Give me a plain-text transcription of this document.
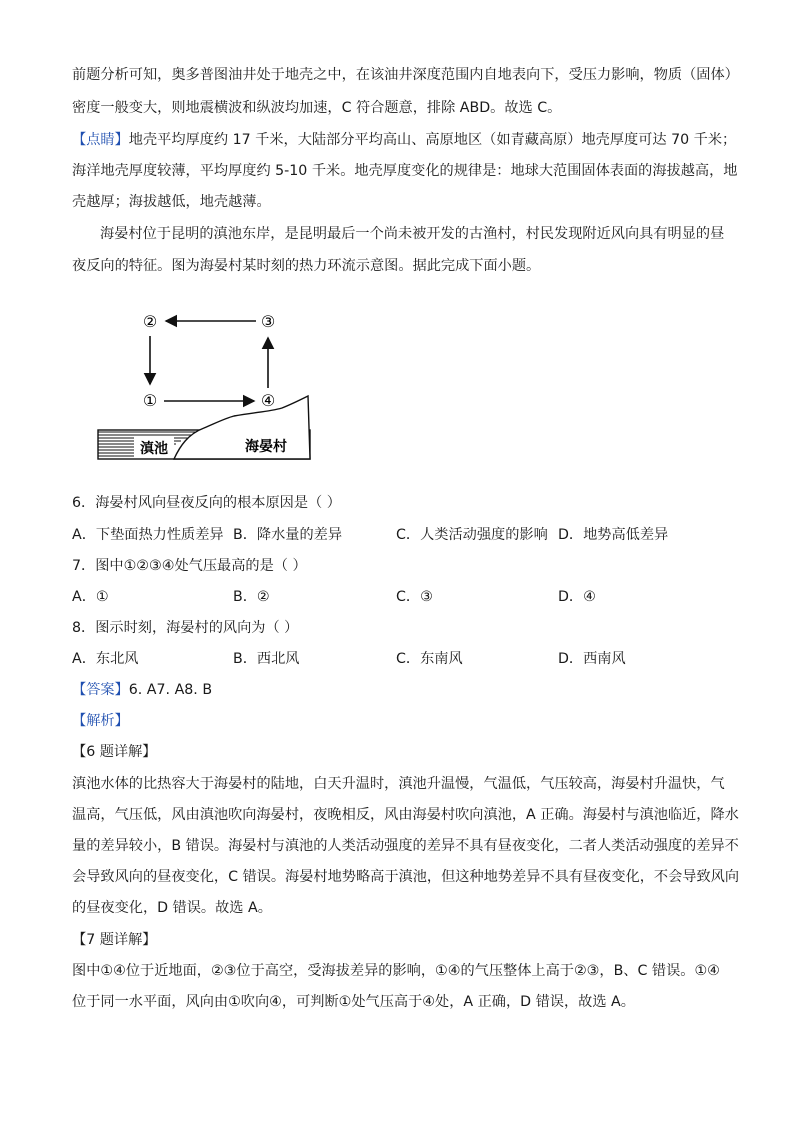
前题分析可知，奥多普图油井处于地壳之中，在该油井深度范围内自地表向下，受压力影响，物质（固体）
密度一般变大，则地震横波和纵波均加速，C 符合题意，排除 ABD。故选 C。
【点睛】地壳平均厚度约 17 千米，大陆部分平均高山、高原地区（如青藏高原）地壳厚度可达 70 千米；
海洋地壳厚度较薄，平均厚度约 5-10 千米。地壳厚度变化的规律是：地球大范围固体表面的海拔越高，地
壳越厚；海拔越低，地壳越薄。
海晏村位于昆明的滇池东岸，是昆明最后一个尚未被开发的古渔村，村民发现附近风向具有明显的昼
夜反向的特征。图为海晏村某时刻的热力环流示意图。据此完成下面小题。
②	③
①	④
滇池	海晏村
6．海晏村风向昼夜反向的根本原因是（ ）
A．下垫面热力性质差异 B．降水量的差异	C．人类活动强度的影响 D．地势高低差异
7．图中①②③④处气压最高的是（ ）
A．①	B．②	C．③	D．④
8．图示时刻，海晏村的风向为（ ）
A．东北风	B．西北风	C．东南风	D．西南风
【答案】6. A7. A8. B
【解析】
【6 题详解】
滇池水体的比热容大于海晏村的陆地，白天升温时，滇池升温慢，气温低，气压较高，海晏村升温快，气
温高，气压低，风由滇池吹向海晏村，夜晚相反，风由海晏村吹向滇池，A 正确。海晏村与滇池临近，降水
量的差异较小，B 错误。海晏村与滇池的人类活动强度的差异不具有昼夜变化，二者人类活动强度的差异不
会导致风向的昼夜变化，C 错误。海晏村地势略高于滇池，但这种地势差异不具有昼夜变化，不会导致风向
的昼夜变化，D 错误。故选 A。
【7 题详解】
图中①④位于近地面，②③位于高空，受海拔差异的影响，①④的气压整体上高于②③，B、C 错误。①④
位于同一水平面，风向由①吹向④，可判断①处气压高于④处，A 正确，D 错误，故选 A。
